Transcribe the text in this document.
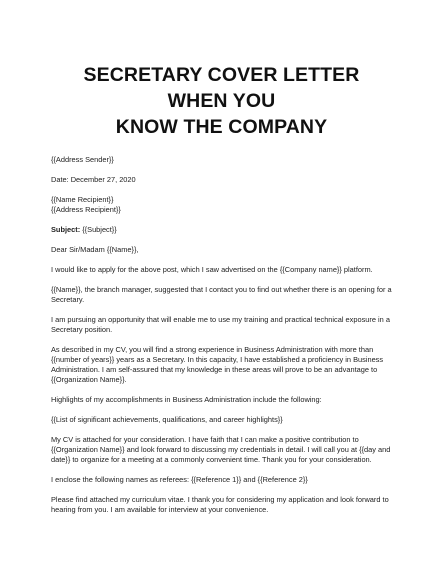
SECRETARY COVER LETTER WHEN YOU
KNOW THE COMPANY

{{Address Sender}}

Date: December 27, 2020

{{Name Recipient}}

{{Address Recipient}}

Subject: {{Subject}}

Dear Sir/Madam {{Name}},

I would like to apply for the above post, which I saw advertised on the {{Company name}} platform.

{{Name}}, the branch manager, suggested that I contact you to find out whether there is an opening for a Secretary.

I am pursuing an opportunity that will enable me to use my training and practical technical exposure in a Secretary position.

As described in my CV, you will find a strong experience in Business Administration with more than {{number of years}} years as a Secretary. In this capacity, I have established a proficiency in Business Administration. I am self-assured that my knowledge in these areas will prove to be an advantage to {{Organization Name}}.

Highlights of my accomplishments in Business Administration include the following:

{{List of significant achievements, qualifications, and career highlights}}

My CV is attached for your consideration. I have faith that I can make a positive contribution to {{Organization Name}} and look forward to discussing my credentials in detail. I will call you at {{day and date}} to organize for a meeting at a commonly convenient time. Thank you for your consideration.

I enclose the following names as referees: {{Reference 1}} and {{Reference 2}}

Please find attached my curriculum vitae. I thank you for considering my application and look forward to hearing from you. I am available for interview at your convenience.
